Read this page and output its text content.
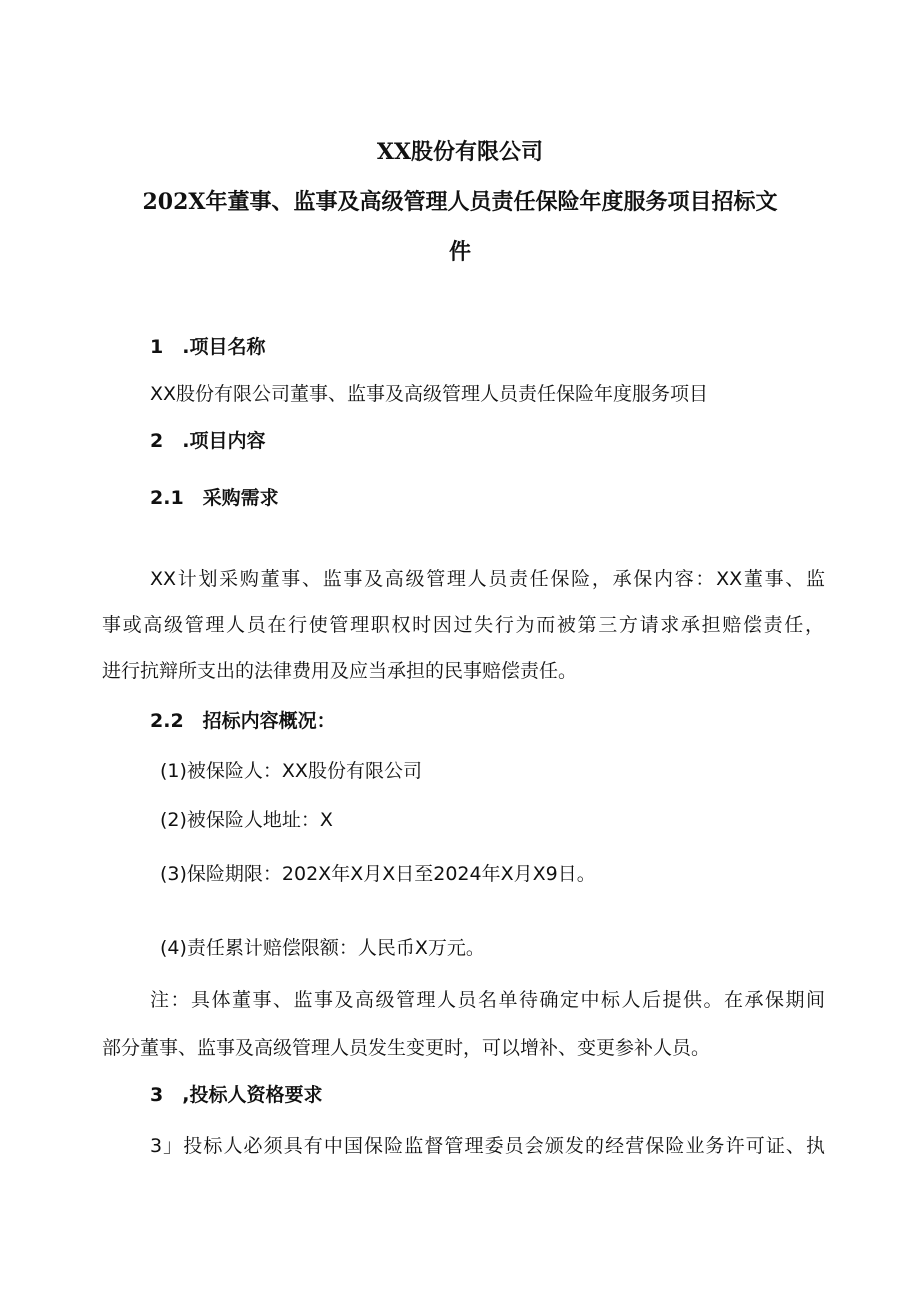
XX股份有限公司
202X年董事、监事及高级管理人员责任保险年度服务项目招标文
件
1　.项目名称
XX股份有限公司董事、监事及高级管理人员责任保险年度服务项目
2　.项目内容
2.1　采购需求
XX计划采购董事、监事及高级管理人员责任保险，承保内容：XX董事、监
事或高级管理人员在行使管理职权时因过失行为而被第三方请求承担赔偿责任，
进行抗辩所支出的法律费用及应当承担的民事赔偿责任。
2.2　招标内容概况：
(1)被保险人：XX股份有限公司
(2)被保险人地址：X
(3)保险期限：202X年X月X日至2024年X月X9日。
(4)责任累计赔偿限额：人民币X万元。
注：具体董事、监事及高级管理人员名单待确定中标人后提供。在承保期间
部分董事、监事及高级管理人员发生变更时，可以增补、变更参补人员。
3　,投标人资格要求
3」投标人必须具有中国保险监督管理委员会颁发的经营保险业务许可证、执
